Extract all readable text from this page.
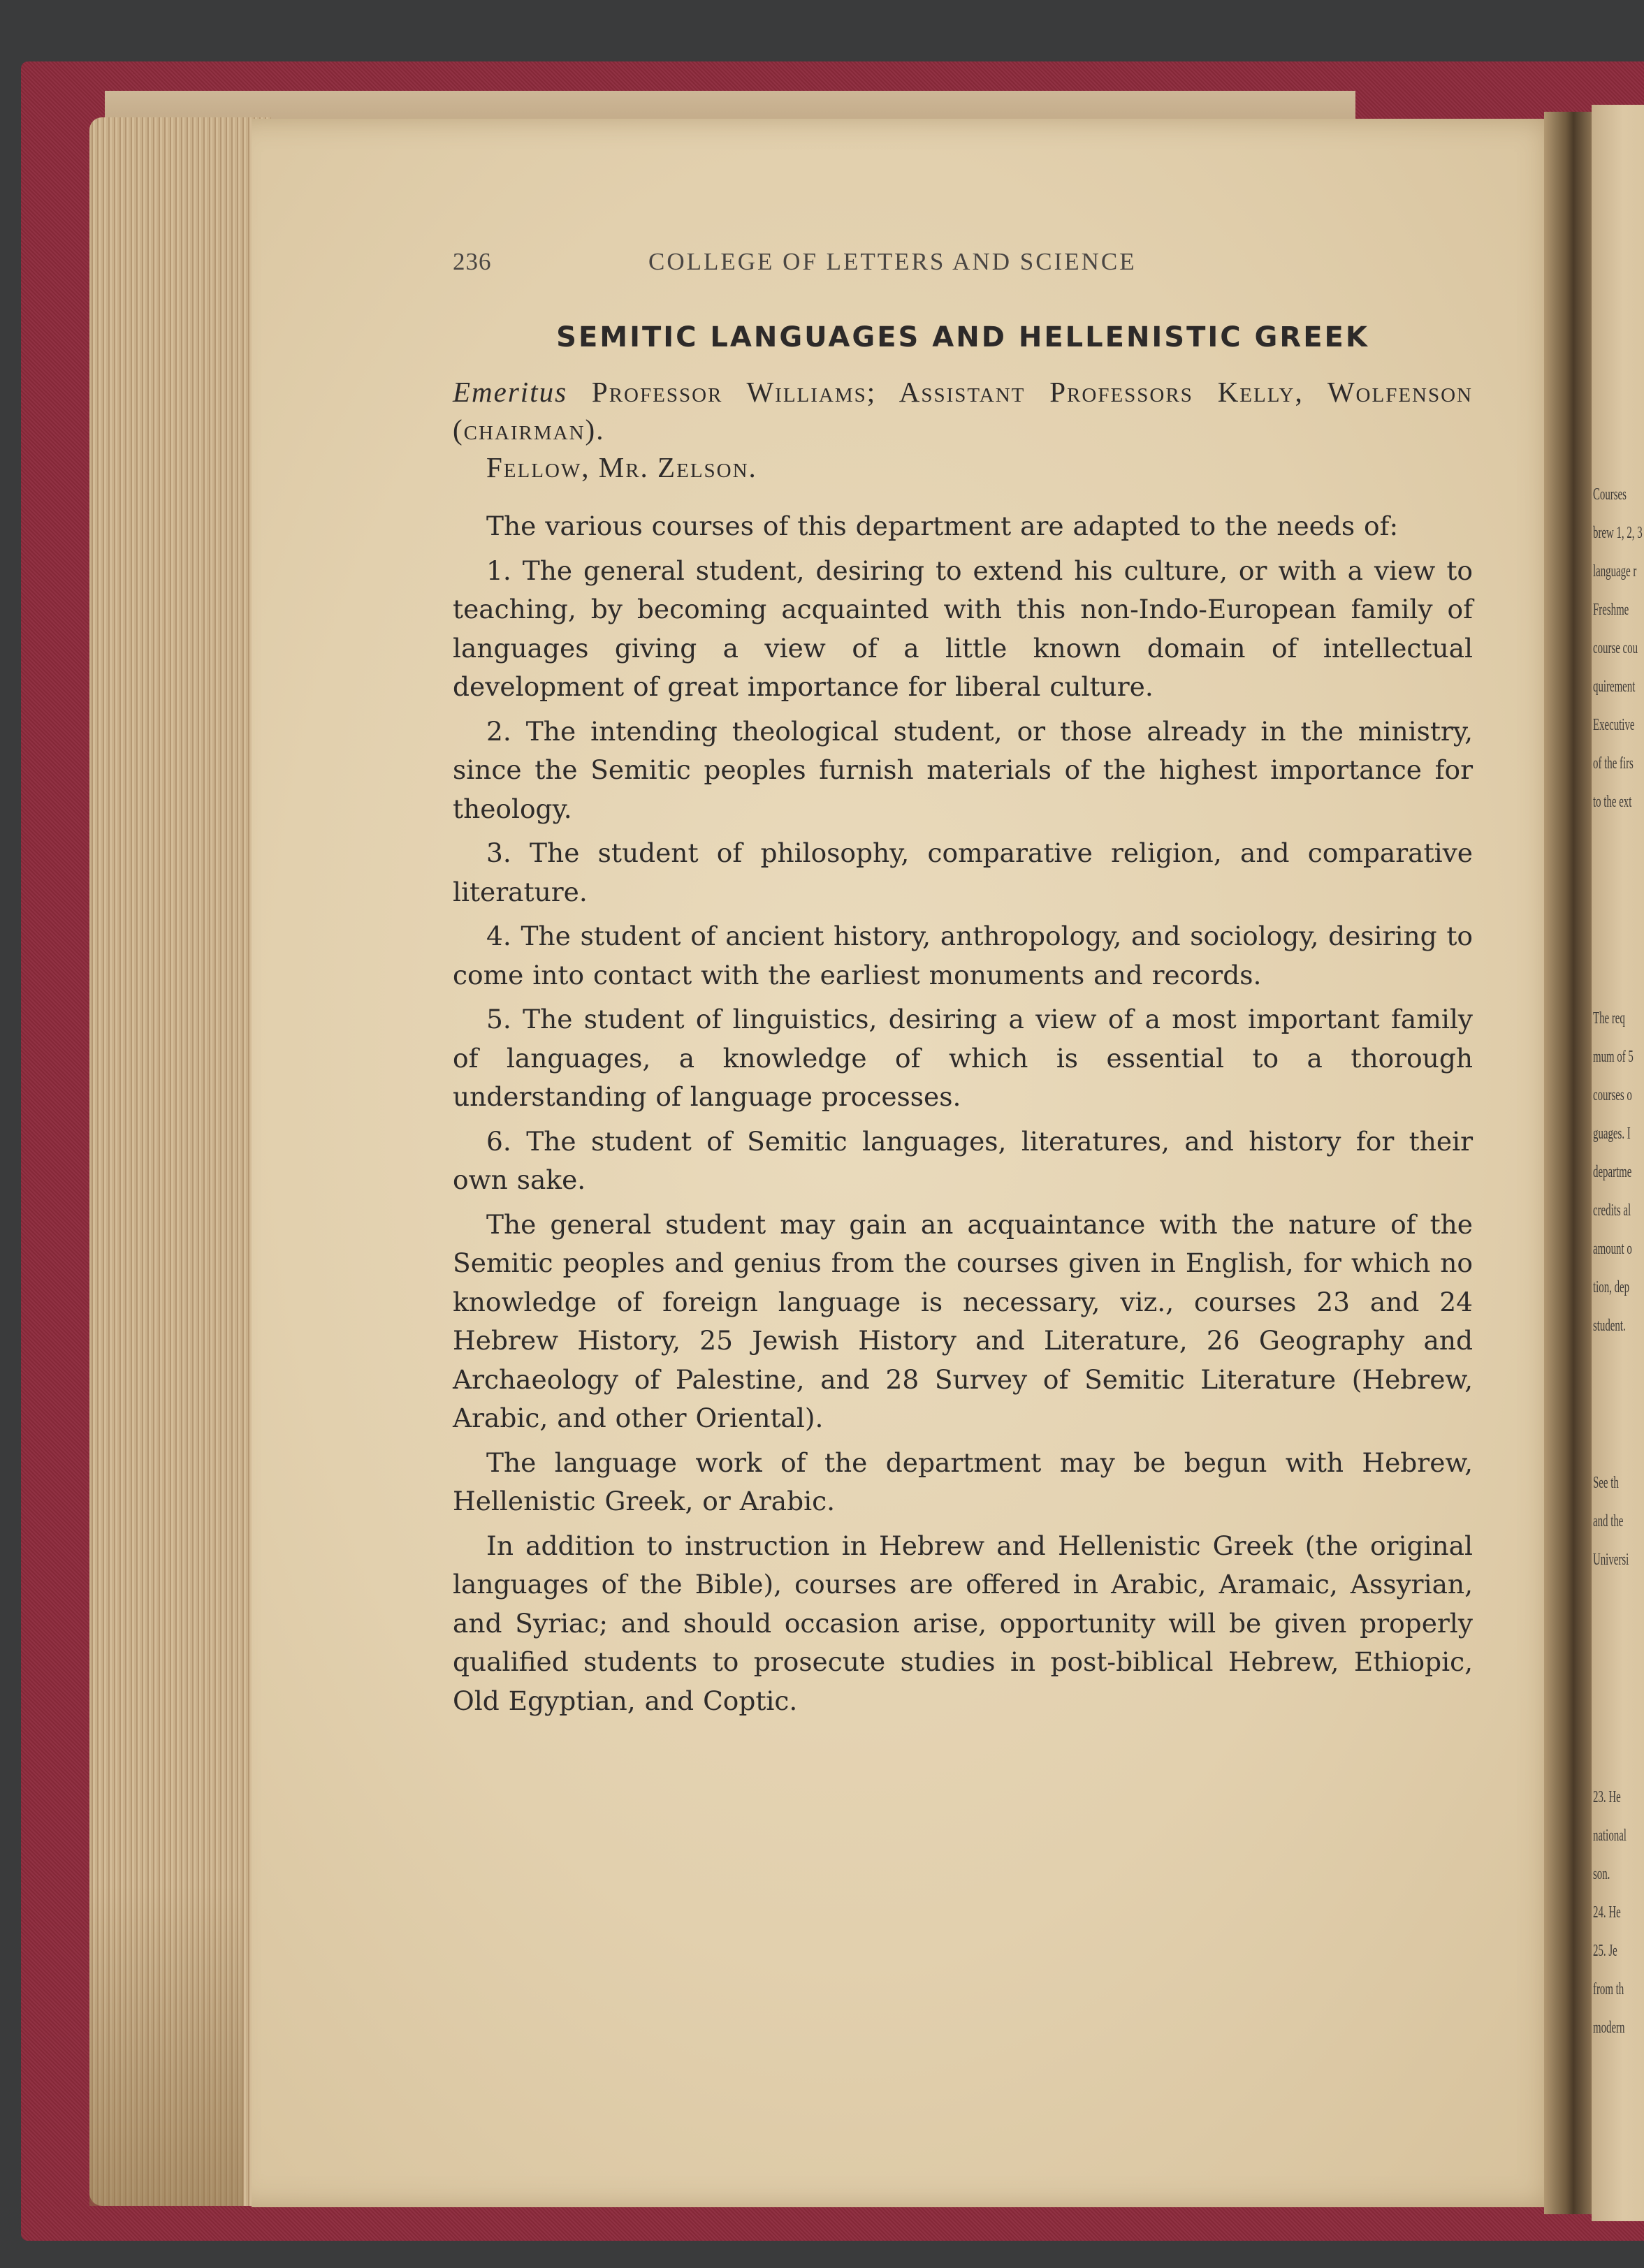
236	COLLEGE OF LETTERS AND SCIENCE
SEMITIC LANGUAGES AND HELLENISTIC GREEK
Emeritus Professor Williams; Assistant Professors Kelly, Wolfenson (chairman).

Fellow, Mr. Zelson.

The various courses of this department are adapted to the needs of:

1. The general student, desiring to extend his culture, or with a view to teaching, by becoming acquainted with this non-Indo-European family of languages giving a view of a little known domain of intellectual development of great importance for liberal culture.

2. The intending theological student, or those already in the ministry, since the Semitic peoples furnish materials of the highest importance for theology.

3. The student of philosophy, comparative religion, and comparative literature.

4. The student of ancient history, anthropology, and sociology, desiring to come into contact with the earliest monuments and records.

5. The student of linguistics, desiring a view of a most important family of languages, a knowledge of which is essential to a thorough understanding of language processes.

6. The student of Semitic languages, literatures, and history for their own sake.

The general student may gain an acquaintance with the nature of the Semitic peoples and genius from the courses given in English, for which no knowledge of foreign language is necessary, viz., courses 23 and 24 Hebrew History, 25 Jewish History and Literature, 26 Geography and Archaeology of Palestine, and 28 Survey of Semitic Literature (Hebrew, Arabic, and other Oriental).

The language work of the department may be begun with Hebrew, Hellenistic Greek, or Arabic.

In addition to instruction in Hebrew and Hellenistic Greek (the original languages of the Bible), courses are offered in Arabic, Aramaic, Assyrian, and Syriac; and should occasion arise, opportunity will be given properly qualified students to prosecute studies in post-biblical Hebrew, Ethiopic, Old Egyptian, and Coptic.

Courses
brew 1, 2, 3
language r
Freshme
course cou
quirement
Executive
of the firs
to the ext
The req
mum of 5
courses o
guages. I
departme
credits al
amount o
tion, dep
student.
See th
and the
Universi
23. He
national
son.
24. He
25. Je
from th
modern
